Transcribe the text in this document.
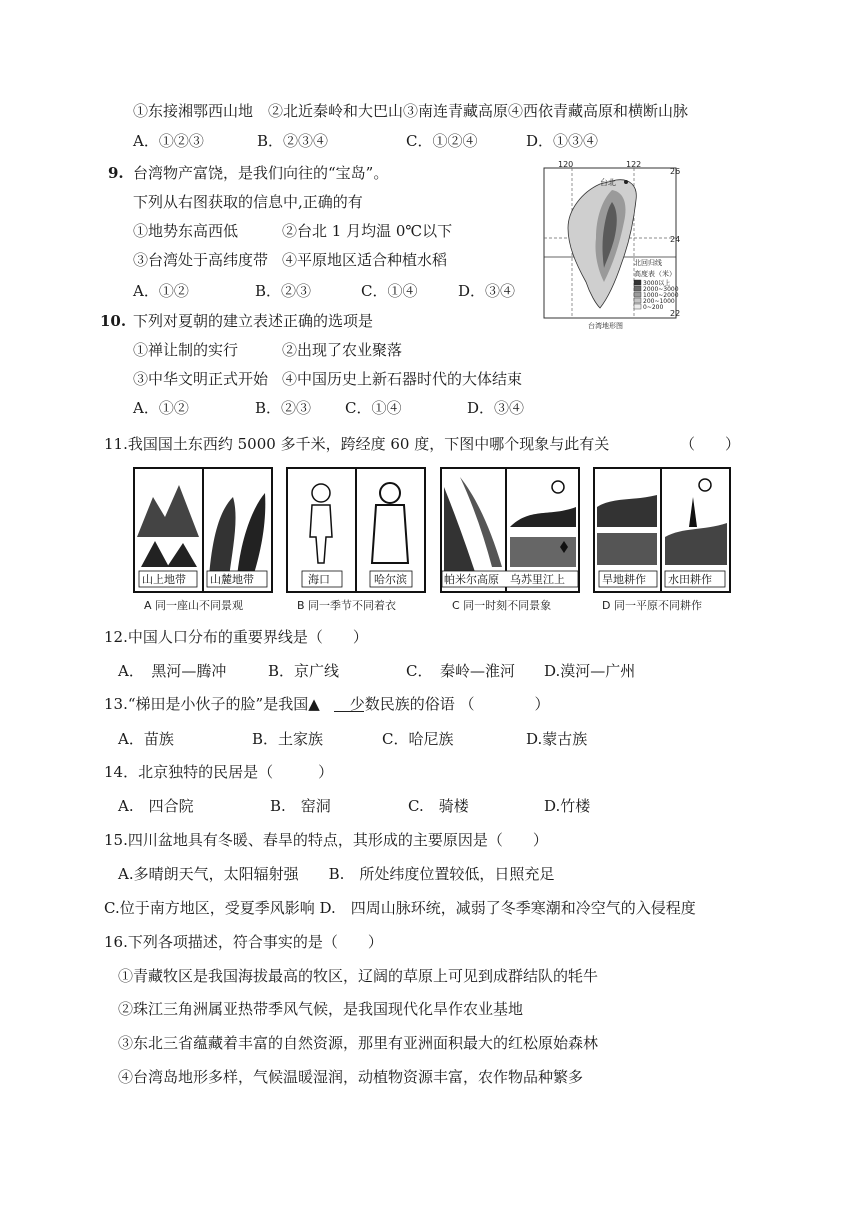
①东接湘鄂西山地　②北近秦岭和大巴山③南连青藏高原④西依青藏高原和横断山脉
A．①②③	B．②③④	C．①②④	D．①③④
9. 台湾物产富饶，是我们向往的“宝岛”。
下列从右图获取的信息中,正确的有
①地势东高西低	②台北 1 月均温 0℃以下
③台湾处于高纬度带 ④平原地区适合种植水稻
A．①②	B．②③	C．①④	D．③④
120	122
26
24
22
台北
北回归线
高度表（米）
3000以上
2000~3000
1000~2000
200~1000
0~200
台湾地形图
10. 下列对夏朝的建立表述正确的选项是
①禅让制的实行	②出现了农业聚落
③中华文明正式开始 ④中国历史上新石器时代的大体结束
A．①②	B．②③ C．①④	D．③④
11.我国国土东西约 5000 多千米，跨经度 60 度，下图中哪个现象与此有关	（　　）
山上地带 山麓地带	海口	哈尔滨	帕米尔高原 乌苏里江上	旱地耕作 水田耕作
A 同一座山不同景观	B 同一季节不同着衣	C 同一时刻不同景象	D 同一平原不同耕作
12.中国人口分布的重要界线是（　　）
A．　黑河—腾冲	B．京广线	C．　秦岭—淮河 D.漠河—广州
13.“梯田是小伙子的脸”是我国▲　　少数民族的俗语 （　　　　）
A．苗族	B．土家族	C．哈尼族	D.蒙古族
14．北京独特的民居是（　　　）
A.　四合院	B.　窑洞	C.　骑楼	D.竹楼
15.四川盆地具有冬暖、春旱的特点，其形成的主要原因是（　　）
A.多晴朗天气，太阳辐射强　　B.　所处纬度位置较低，日照充足
C.位于南方地区，受夏季风影响 D.　四周山脉环统，减弱了冬季寒潮和冷空气的入侵程度
16.下列各项描述，符合事实的是（　　）
①青藏牧区是我国海拔最高的牧区，辽阔的草原上可见到成群结队的牦牛
②珠江三角洲属亚热带季风气候，是我国现代化旱作农业基地
③东北三省蕴藏着丰富的自然资源，那里有亚洲面积最大的红松原始森林
④台湾岛地形多样，气候温暖湿润，动植物资源丰富，农作物品种繁多
